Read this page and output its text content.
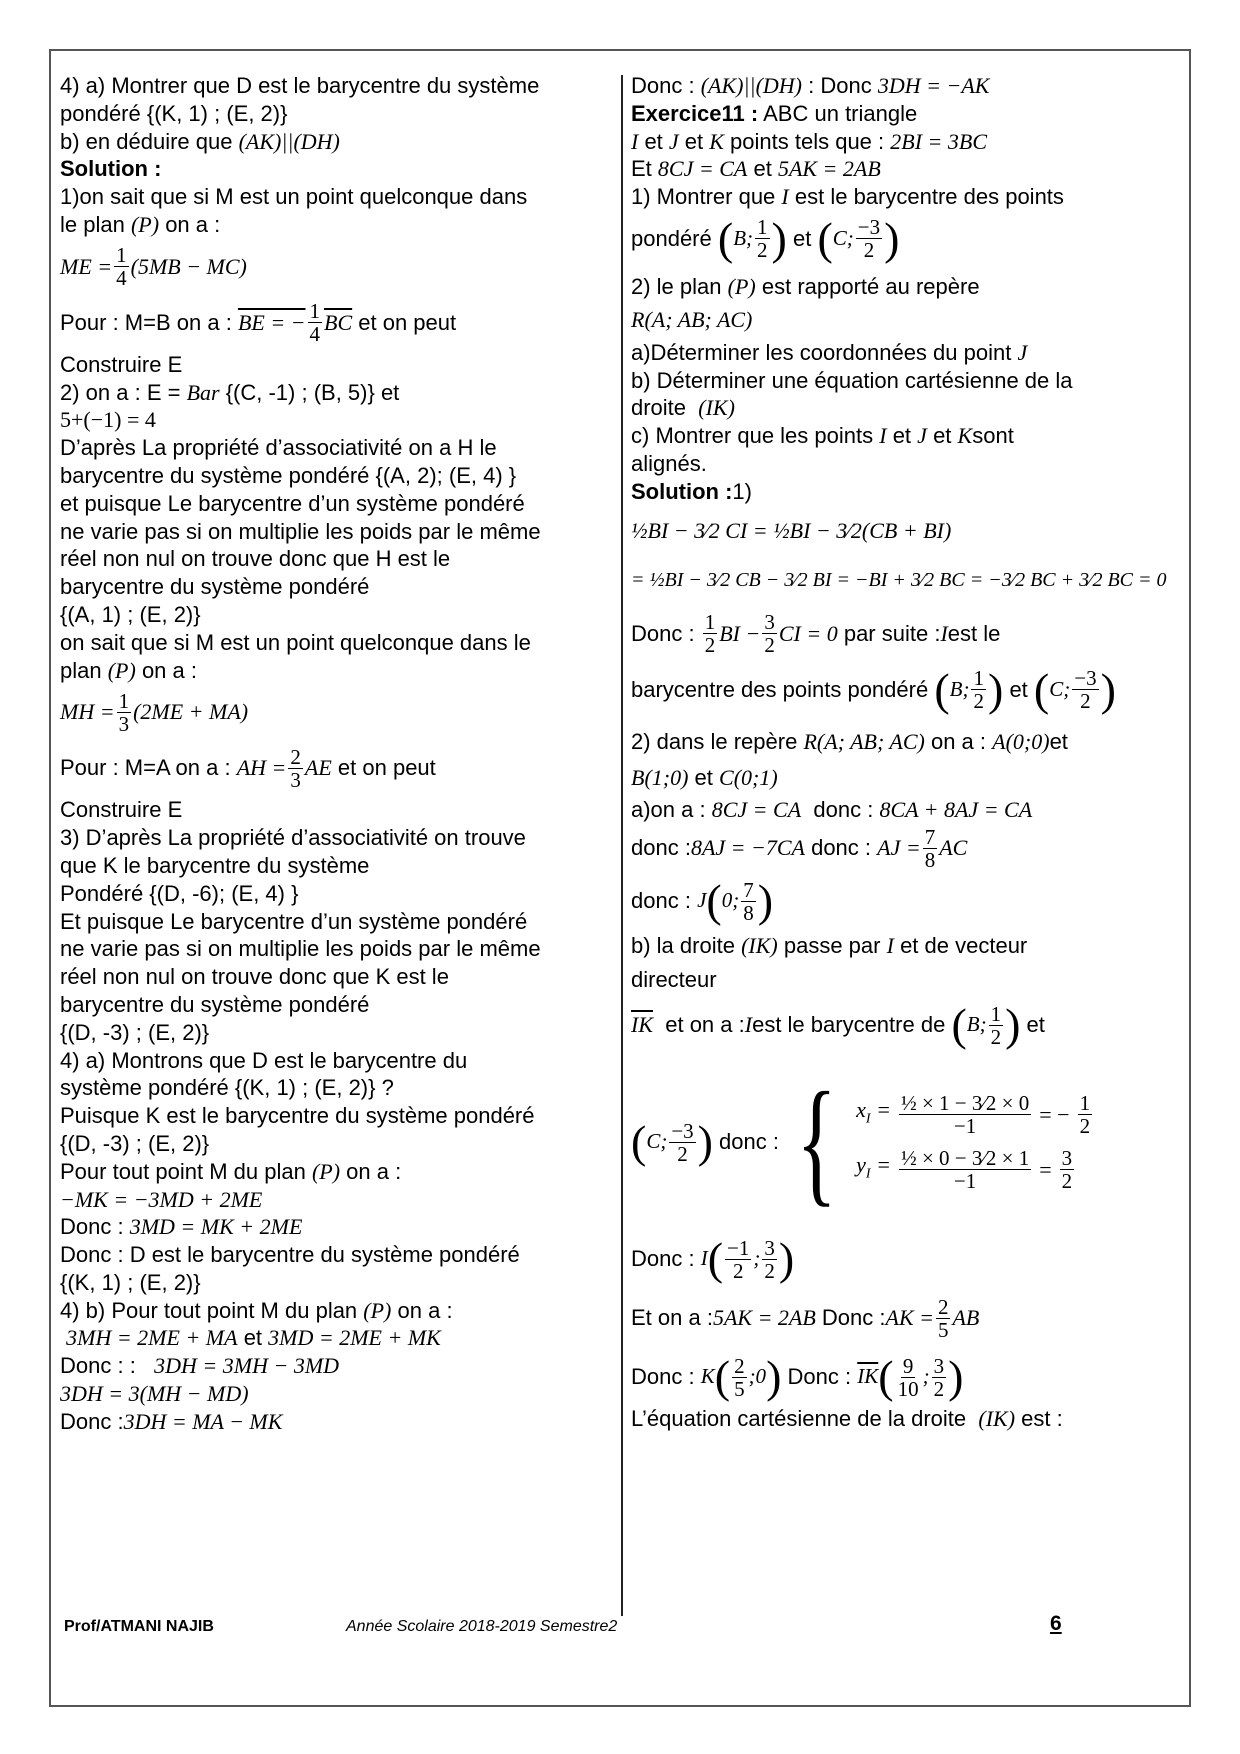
4) a) Montrer que D est le barycentre du système
pondéré {(K, 1) ; (E, 2)}
b) en déduire que (AK)||(DH)
Solution :
1)on sait que si M est un point quelconque dans
le plan (P) on a :
ME = $\frac{1}{4} (5MB - MC)$
Pour : M=B on a :
BE = − $\frac{1}{4} \overline{BC}$
et on peut
Construire E
2) on a : E = Bar {(C, -1) ; (B, 5)} et
5+(−1) = 4
D’après La propriété d’associativité on a H le
barycentre du système pondéré {(A, 2); (E, 4) }
et puisque Le barycentre d’un système pondéré
ne varie pas si on multiplie les poids par le même
réel non nul on trouve donc que H est le
barycentre du système pondéré
{(A, 1) ; (E, 2)}
on sait que si M est un point quelconque dans le
plan (P) on a :
MH = $\frac{1}{3} (2ME + MA)$
Pour : M=A on a :
AH = $\frac{2}{3}$ AE
et on peut
Construire E
3) D’après La propriété d’associativité on trouve
que K le barycentre du système
Pondéré {(D, -6); (E, 4) }
Et puisque Le barycentre d’un système pondéré
ne varie pas si on multiplie les poids par le même
réel non nul on trouve donc que K est le
barycentre du système pondéré
{(D, -3) ; (E, 2)}
4) a) Montrons que D est le barycentre du
système pondéré {(K, 1) ; (E, 2)} ?
Puisque K est le barycentre du système pondéré
{(D, -3) ; (E, 2)}
Pour tout point M du plan (P) on a :
−MK = −3MD + 2ME
Donc : 3MD = MK + 2ME
Donc : D est le barycentre du système pondéré
{(K, 1) ; (E, 2)}
4) b) Pour tout point M du plan (P) on a :
3MH = 2ME + MA et 3MD = 2ME + MK
Donc : : 3DH = 3MH − 3MD
3DH = 3(MH − MD)
Donc :3DH = MA − MK
Donc : (AK)||(DH) : Donc 3DH = −AK
Exercice11 : ABC un triangle
I et J et K points tels que : 2BI = 3BC
Et 8CJ = CA et 5AK = 2AB
1) Montrer que I est le barycentre des points
pondéré
( B; $\frac{1}{2}$ )
et
( C; $\frac{-3}{2}$ )
2) le plan (P) est rapporté au repère
R(A; AB; AC)
a)Déterminer les coordonnées du point J
b) Déterminer une équation cartésienne de la
droite (IK)
c) Montrer que les points I et J et Ksont
alignés.
Solution :1)
½BI − 3⁄2 CI = ½BI − 3⁄2(CB + BI)
= ½BI − 3⁄2 CB − 3⁄2 BI = −BI + 3⁄2 BC = −3⁄2 BC + 3⁄2 BC = 0
Donc :
$\frac{1}{2}$ BI − $\frac{3}{2}$ CI = 0
par suite : I est le
barycentre des points pondéré
( B; $\frac{1}{2}$ )
et
( C; $\frac{-3}{2}$ )
2) dans le repère R(A; AB; AC) on a : A(0;0)et
B(1;0) et C(0;1)
a)on a : 8CJ = CA donc : 8CA + 8AJ = CA
donc : 8AJ = −7CA
donc :
AJ = $\frac{7}{8}$ AC
donc :
J ( 0; $\frac{7}{8}$ )
b) la droite (IK) passe par I et de vecteur
directeur
$\overline{IK}$
et on a : I est le barycentre de
( B; $\frac{1}{2}$ )
et
( C; $\frac{-3}{2}$ ) donc : { $x_I = \frac{\text{½ × 1 − 3⁄2 × 0}}{-1}$ = − $\frac{1}{2}$
$y_I = \frac{\text{½ × 0 − 3⁄2 × 1}}{-1} = \frac{3}{2}$
Donc :
I ( $\frac{-1}{2}$ ; $\frac{3}{2}$ )
Et on a : 5AK = 2AB
Donc : AK = $\frac{2}{5}$ AB
Donc :
K ( $\frac{2}{5}$ ;0 )
Donc :
$\overline{IK}$ ( $\frac{9}{10}$ ; $\frac{3}{2}$ )
L’équation cartésienne de la droite (IK) est :
Prof/ATMANI NAJIB	Année Scolaire 2018-2019 Semestre2	6
